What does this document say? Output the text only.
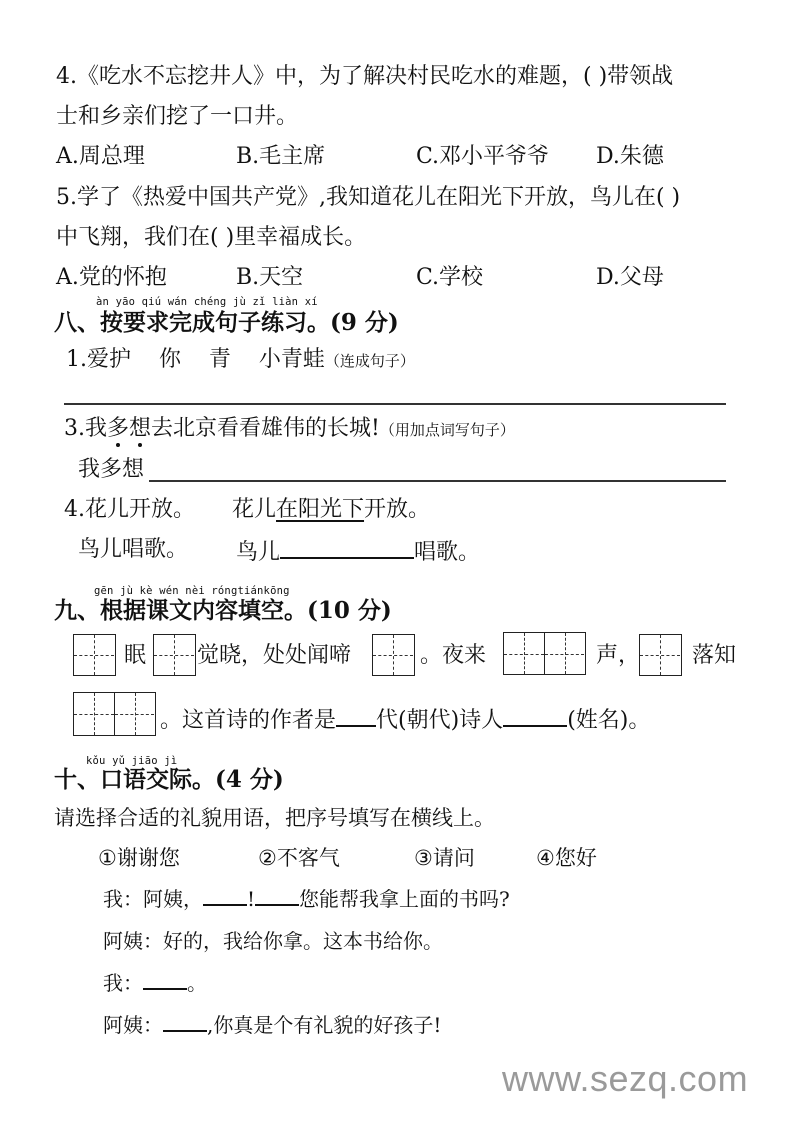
4.《吃水不忘挖井人》中，为了解决村民吃水的难题，( )带领战
士和乡亲们挖了一口井。
A.周总理	B.毛主席	C.邓小平爷爷 D.朱德
5.学了《热爱中国共产党》,我知道花儿在阳光下开放，鸟儿在( )
中飞翔，我们在( )里幸福成长。
A.党的怀抱	B.天空	C.学校	D.父母
àn yāo qiú wán chéng jù zǐ liàn xí
八、按要求完成句子练习。(9 分)
1.爱护    你    青    小青蛙（连成句子）
3.我多想去北京看看雄伟的长城!（用加点词写句子）
我多想
4.花儿开放。 花儿在阳光下开放。
鸟儿唱歌。 鸟儿	唱歌。
gēn jù kè wén nèi róngtiánkōng
九、根据课文内容填空。(10 分)
眠 觉晓，处处闻啼	。夜来	声， 落知
。这首诗的作者是 代(朝代)诗人	(姓名)。
kǒu yǔ jiāo jì
十、口语交际。(4 分)
请选择合适的礼貌用语，把序号填写在横线上。
①谢谢您	②不客气	③请问	④您好
我：阿姨， ! 您能帮我拿上面的书吗?
阿姨：好的，我给你拿。这本书给你。
我： 。
阿姨： ,你真是个有礼貌的好孩子!
www.sezq.com
